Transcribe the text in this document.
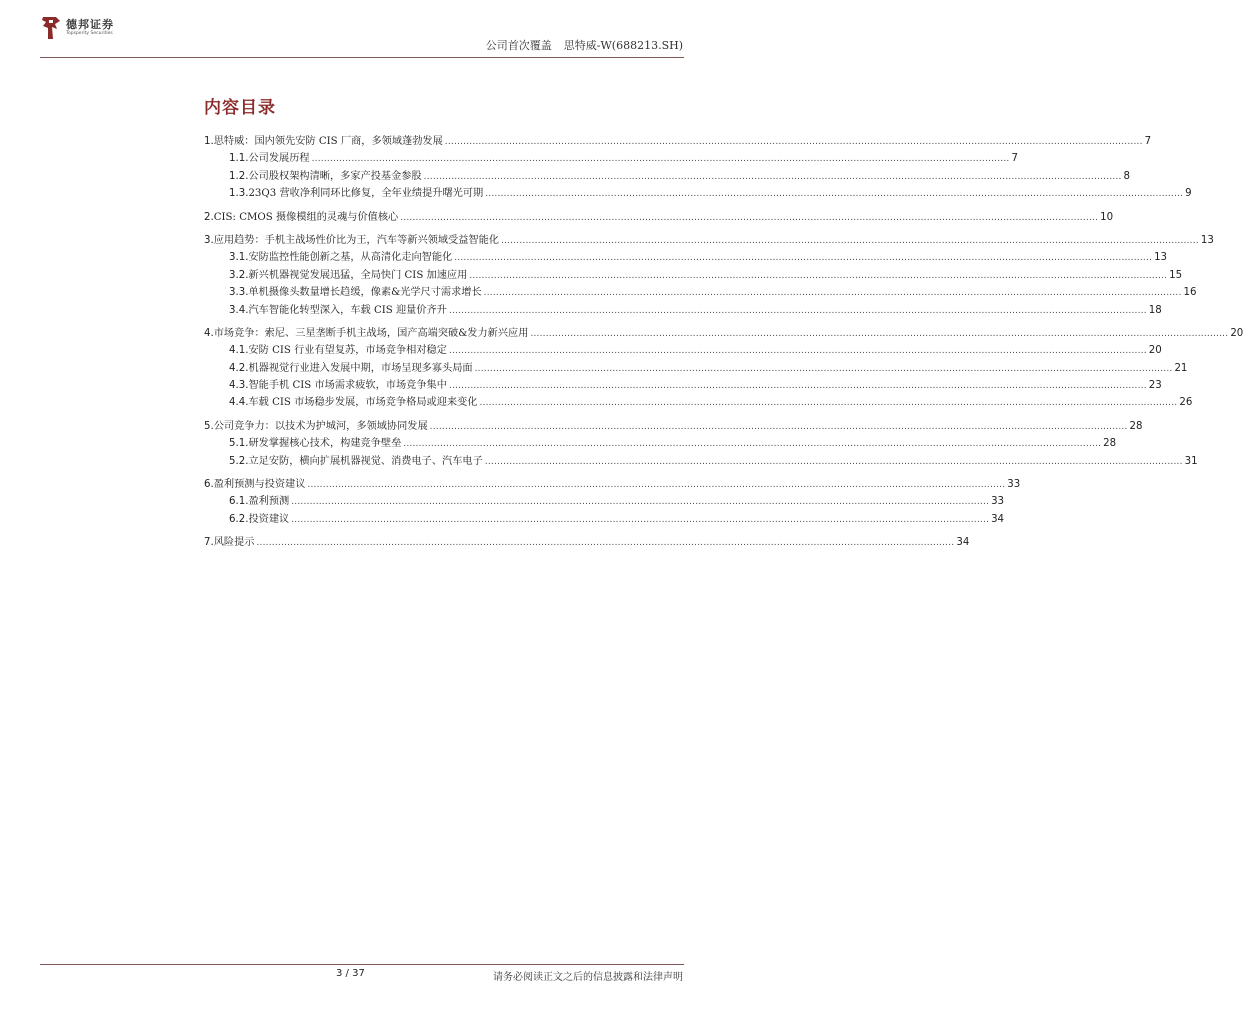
德邦证券
Topsperity Securities
公司首次覆盖 思特威-W(688213.SH)
内容目录
1. 思特威：国内领先安防 CIS 厂商，多领域蓬勃发展 .....	7
1.1. 公司发展历程 .....	7
1.2. 公司股权架构清晰，多家产投基金参股 .....	8
1.3. 23Q3 营收净利同环比修复，全年业绩提升曙光可期 .....	9
2. CIS: CMOS 摄像模组的灵魂与价值核心 .....	10
3. 应用趋势：手机主战场性价比为王，汽车等新兴领域受益智能化 .....	13
3.1. 安防监控性能创新之基，从高清化走向智能化 .....	13
3.2. 新兴机器视觉发展迅猛，全局快门 CIS 加速应用 .....	15
3.3. 单机摄像头数量增长趋缓，像素&光学尺寸需求增长 .....	16
3.4. 汽车智能化转型深入，车载 CIS 迎量价齐升 .....	18
4. 市场竞争：索尼、三星垄断手机主战场，国产高端突破&发力新兴应用 .....	20
4.1. 安防 CIS 行业有望复苏，市场竞争相对稳定 .....	20
4.2. 机器视觉行业进入发展中期，市场呈现多寡头局面 .....	21
4.3. 智能手机 CIS 市场需求疲软，市场竞争集中 .....	23
4.4. 车载 CIS 市场稳步发展，市场竞争格局或迎来变化 .....	26
5. 公司竞争力：以技术为护城河，多领域协同发展 .....	28
5.1. 研发掌握核心技术，构建竞争壁垒 .....	28
5.2. 立足安防，横向扩展机器视觉、消费电子、汽车电子 .....	31
6. 盈利预测与投资建议 .....	33
6.1. 盈利预测 .....	33
6.2. 投资建议 .....	34
7. 风险提示 .....	34
3 / 37	请务必阅读正文之后的信息披露和法律声明
